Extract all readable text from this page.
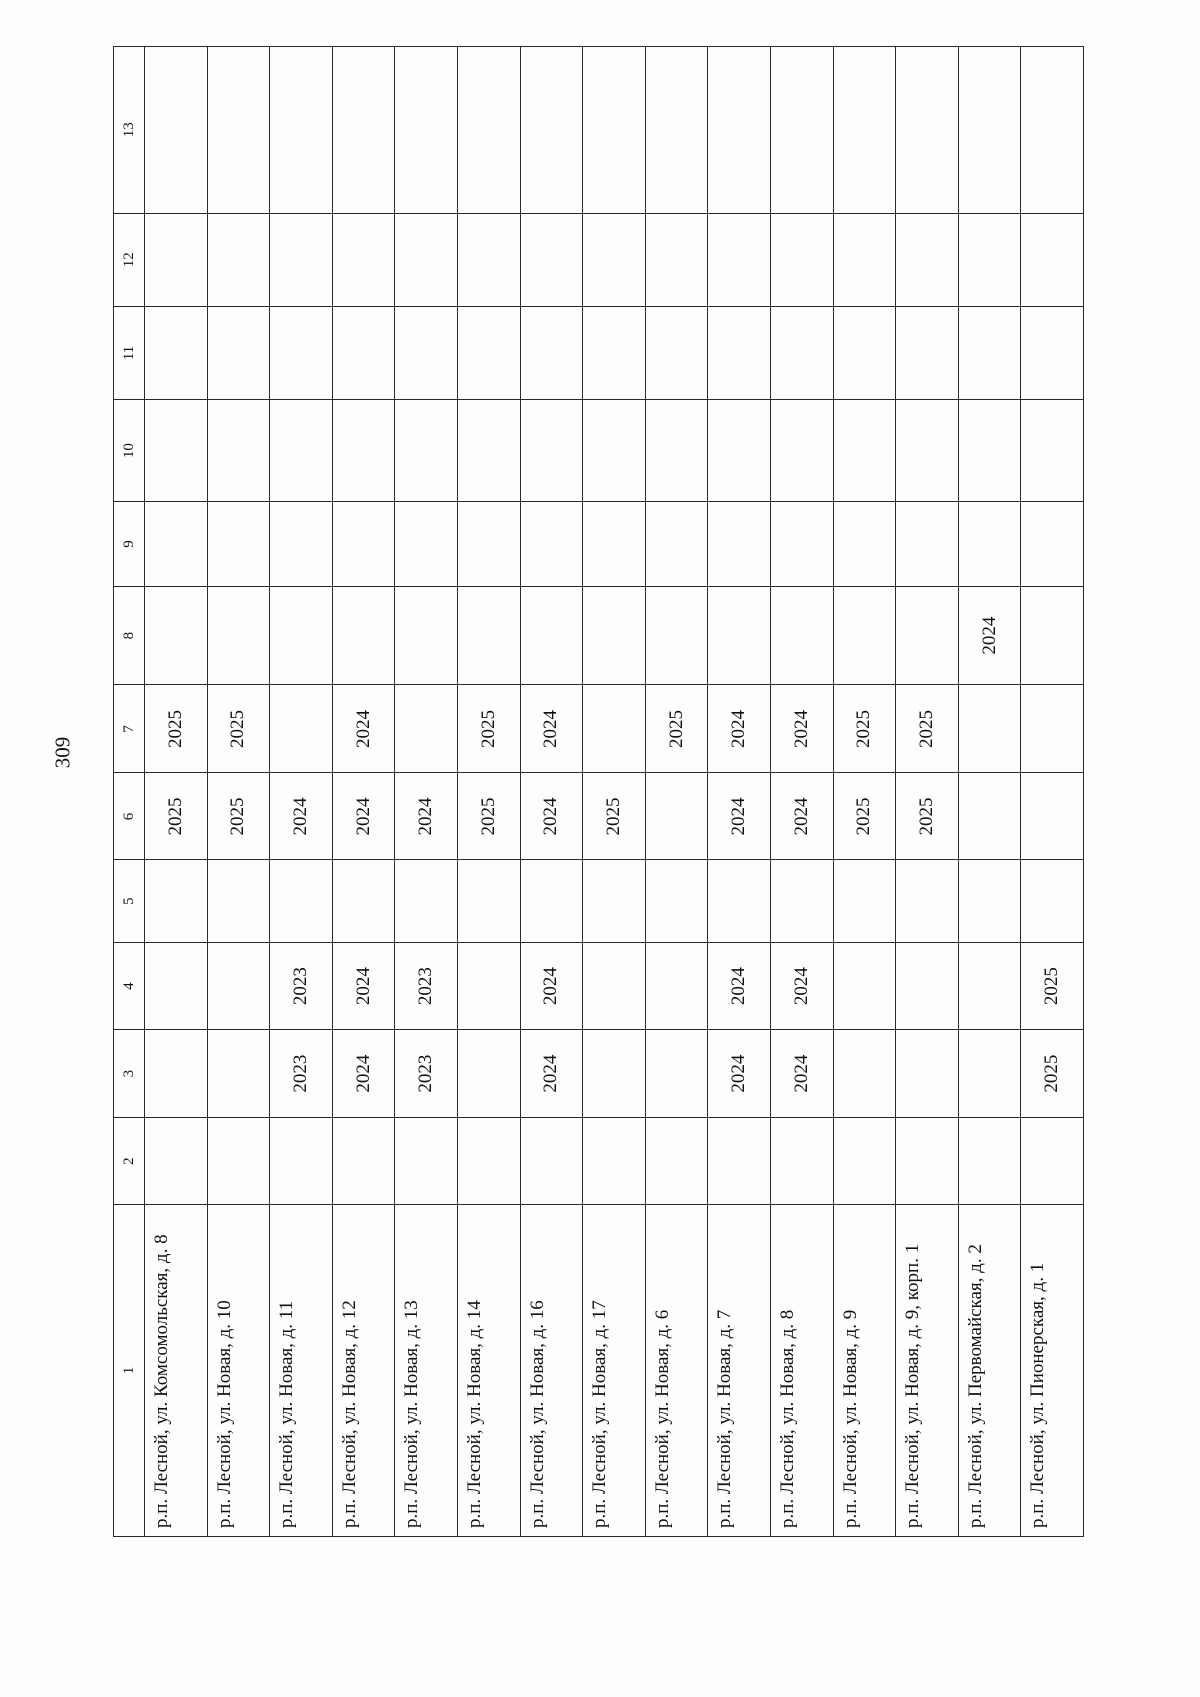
309
1	2	3	4	5	6	7	8	9	10	11	12	13
р.п. Лесной, ул. Комсомольская, д. 8					2025	2025						
р.п. Лесной, ул. Новая, д. 10					2025	2025						
р.п. Лесной, ул. Новая, д. 11		2023	2023		2024							
р.п. Лесной, ул. Новая, д. 12		2024	2024		2024	2024						
р.п. Лесной, ул. Новая, д. 13		2023	2023		2024							
р.п. Лесной, ул. Новая, д. 14					2025	2025						
р.п. Лесной, ул. Новая, д. 16		2024	2024		2024	2024						
р.п. Лесной, ул. Новая, д. 17					2025							
р.п. Лесной, ул. Новая, д. 6						2025						
р.п. Лесной, ул. Новая, д. 7		2024	2024		2024	2024						
р.п. Лесной, ул. Новая, д. 8		2024	2024		2024	2024						
р.п. Лесной, ул. Новая, д. 9					2025	2025						
р.п. Лесной, ул. Новая, д. 9, корп. 1					2025	2025						
р.п. Лесной, ул. Первомайская, д. 2							2024					
р.п. Лесной, ул. Пионерская, д. 1		2025	2025									
